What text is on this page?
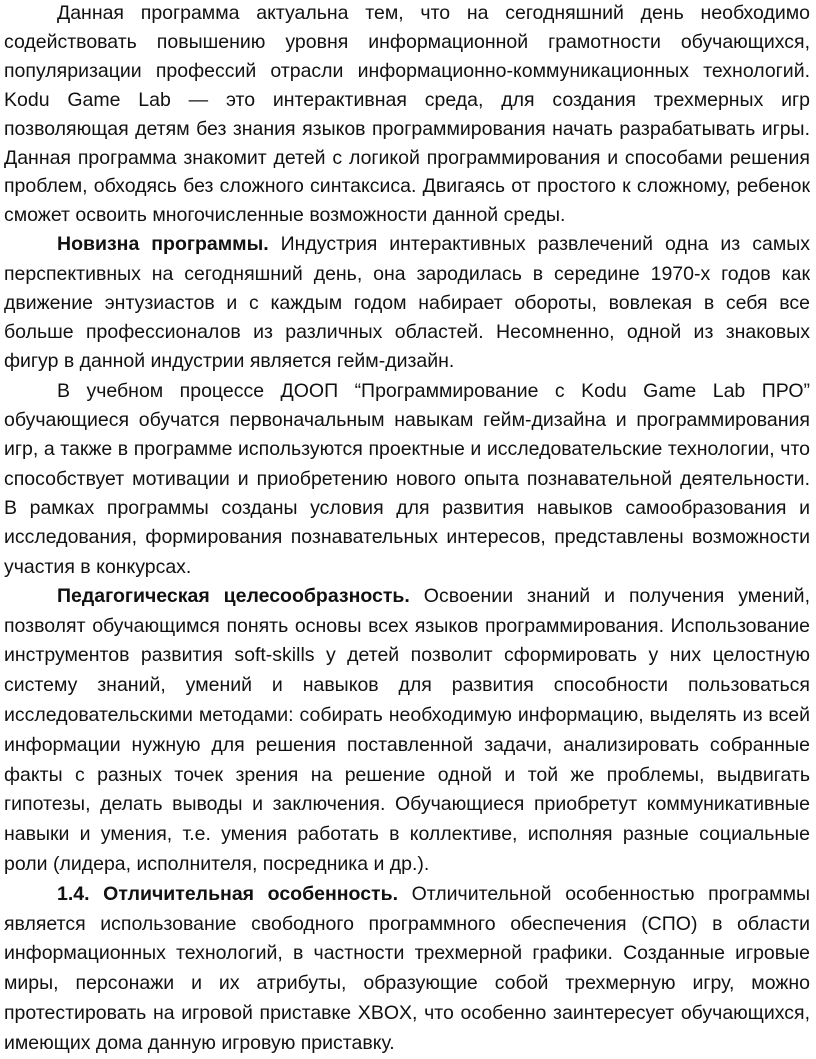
Данная программа актуальна тем, что на сегодняшний день необходимо содействовать повышению уровня информационной грамотности обучающихся, популяризации профессий отрасли информационно-коммуникационных технологий. Kodu Game Lab — это интерактивная среда, для создания трехмерных игр позволяющая детям без знания языков программирования начать разрабатывать игры. Данная программа знакомит детей с логикой программирования и способами решения проблем, обходясь без сложного синтаксиса. Двигаясь от простого к сложному, ребенок сможет освоить многочисленные возможности данной среды.

Новизна программы. Индустрия интерактивных развлечений одна из самых перспективных на сегодняшний день, она зародилась в середине 1970-х годов как движение энтузиастов и с каждым годом набирает обороты, вовлекая в себя все больше профессионалов из различных областей. Несомненно, одной из знаковых фигур в данной индустрии является гейм-дизайн.

В учебном процессе ДООП “Программирование с Kodu Game Lab ПРО” обучающиеся обучатся первоначальным навыкам гейм-дизайна и программирования игр, а также в программе используются проектные и исследовательские технологии, что способствует мотивации и приобретению нового опыта познавательной деятельности. В рамках программы созданы условия для развития навыков самообразования и исследования, формирования познавательных интересов, представлены возможности участия в конкурсах.

Педагогическая целесообразность. Освоении знаний и получения умений, позволят обучающимся понять основы всех языков программирования. Использование инструментов развития soft-skills у детей позволит сформировать у них целостную систему знаний, умений и навыков для развития способности пользоваться исследовательскими методами: собирать необходимую информацию, выделять из всей информации нужную для решения поставленной задачи, анализировать собранные факты с разных точек зрения на решение одной и той же проблемы, выдвигать гипотезы, делать выводы и заключения. Обучающиеся приобретут коммуникативные навыки и умения, т.е. умения работать в коллективе, исполняя разные социальные роли (лидера, исполнителя, посредника и др.).

1.4. Отличительная особенность. Отличительной особенностью программы является использование свободного программного обеспечения (СПО) в области информационных технологий, в частности трехмерной графики. Созданные игровые миры, персонажи и их атрибуты, образующие собой трехмерную игру, можно протестировать на игровой приставке XBOX, что особенно заинтересует обучающихся, имеющих дома данную игровую приставку.
